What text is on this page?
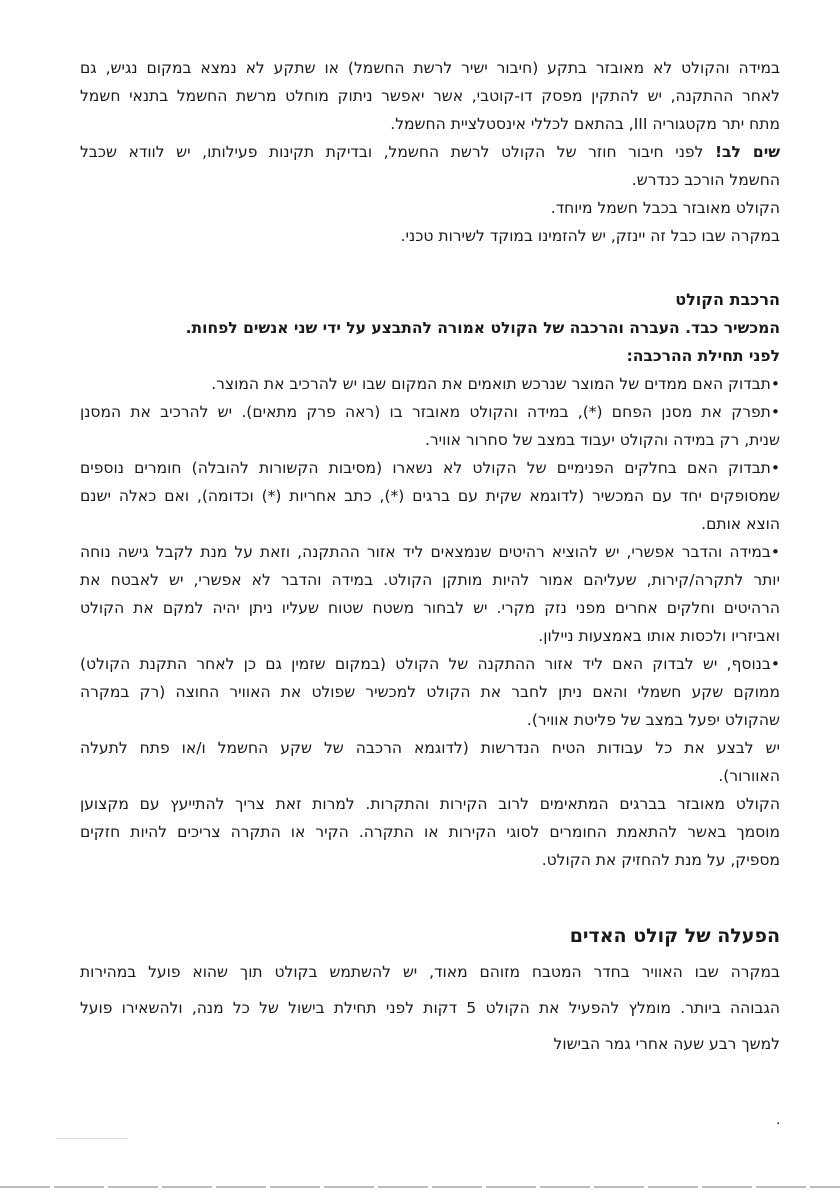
במידה והקולט לא מאובזר בתקע (חיבור ישיר לרשת החשמל) או שתקע לא נמצא במקום נגיש, גם
לאחר ההתקנה, יש להתקין מפסק דו-קוטבי, אשר יאפשר ניתוק מוחלט מרשת החשמל בתנאי חשמל
מתח יתר מקטגוריה III, בהתאם לכללי אינסטלציית החשמל.

שים לב! לפני חיבור חוזר של הקולט לרשת החשמל, ובדיקת תקינות פעילותו, יש לוודא שכבל
החשמל הורכב כנדרש.
הקולט מאובזר בכבל חשמל מיוחד.
במקרה שבו כבל זה יינזק, יש להזמינו במוקד לשירות טכני.

הרכבת הקולט

המכשיר כבד. העברה והרכבה של הקולט אמורה להתבצע על ידי שני אנשים לפחות.

לפני תחילת ההרכבה:

•תבדוק האם ממדים של המוצר שנרכש תואמים את המקום שבו יש להרכיב את המוצר.

•תפרק את מסנן הפחם (*), במידה והקולט מאובזר בו (ראה פרק מתאים). יש להרכיב את המסנן
שנית, רק במידה והקולט יעבוד במצב של סחרור אוויר.

•תבדוק האם בחלקים הפנימיים של הקולט לא נשארו (מסיבות הקשורות להובלה) חומרים נוספים
שמסופקים יחד עם המכשיר (לדוגמא שקית עם ברגים (*), כתב אחריות (*) וכדומה), ואם כאלה ישנם
הוצא אותם.

•במידה והדבר אפשרי, יש להוציא רהיטים שנמצאים ליד אזור ההתקנה, וזאת על מנת לקבל גישה נוחה
יותר לתקרה/קירות, שעליהם אמור להיות מותקן הקולט. במידה והדבר לא אפשרי, יש לאבטח את
הרהיטים וחלקים אחרים מפני נזק מקרי. יש לבחור משטח שטוח שעליו ניתן יהיה למקם את הקולט
ואביזריו ולכסות אותו באמצעות ניילון.

•בנוסף, יש לבדוק האם ליד אזור ההתקנה של הקולט (במקום שזמין גם כן לאחר התקנת הקולט)
ממוקם שקע חשמלי והאם ניתן לחבר את הקולט למכשיר שפולט את האוויר החוצה (רק במקרה
שהקולט יפעל במצב של פליטת אוויר).

יש לבצע את כל עבודות הטיח הנדרשות (לדוגמא הרכבה של שקע החשמל ו/או פתח לתעלה
האוורור).

הקולט מאובזר בברגים המתאימים לרוב הקירות והתקרות. למרות זאת צריך להתייעץ עם מקצוען
מוסמך באשר להתאמת החומרים לסוגי הקירות או התקרה. הקיר או התקרה צריכים להיות חזקים
מספיק, על מנת להחזיק את הקולט.

הפעלה של קולט האדים

במקרה שבו האוויר בחדר המטבח מזוהם מאוד, יש להשתמש בקולט תוך שהוא פועל במהירות
הגבוהה ביותר. מומלץ להפעיל את הקולט 5 דקות לפני תחילת בישול של כל מנה, ולהשאירו פועל
למשך רבע שעה אחרי גמר הבישול

.
